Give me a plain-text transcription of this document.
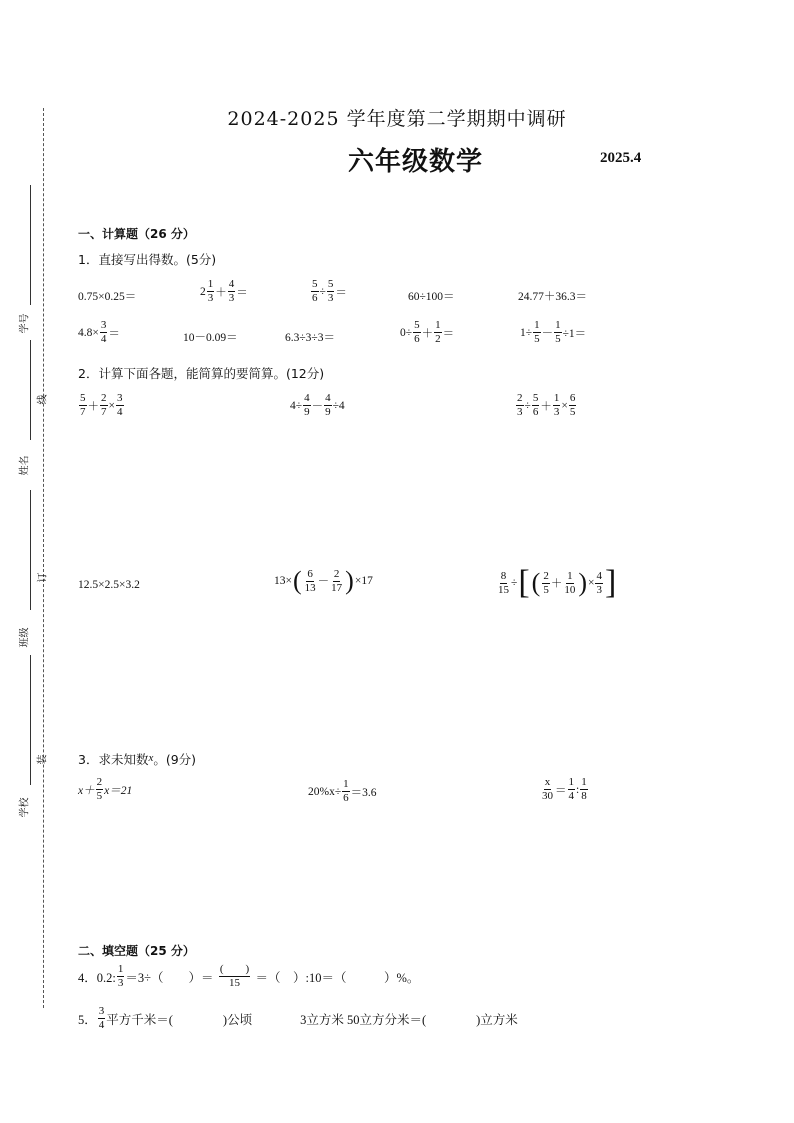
学号
姓名
班级
学校
线
订
装
2024-2025 学年度第二学期期中调研
六年级数学	2025.4
一、计算题（26 分）
1．直接写出得数。(5分)
0.75×0.25＝	$2 \frac{1}{3} + \frac{4}{3}$ ＝	$\frac{5}{6} \div \frac{5}{3}$ ＝	60÷100＝	24.77＋36.3＝
$4.8\times \frac{3}{4}$ ＝	10－0.09＝	6.3÷3÷3＝	$0\div \frac{5}{6} + \frac{1}{2}$ ＝	$1\div \frac{1}{5} - \frac{1}{5} \div 1=$
2．计算下面各题，能简算的要简算。(12分)
$\frac{5}{7} + \frac{2}{7} \times \frac{3}{4}$	$4\div \frac{4}{9} - \frac{4}{9} \div 4$	$\frac{2}{3} \div \frac{5}{6} + \frac{1}{3} \times \frac{6}{5}$
12.5×2.5×3.2	13× ( $\frac{6}{13} - \frac{2}{17}$ ) ×17	$\frac{8}{15}$ ÷ [ ( $\frac{2}{5} + \frac{1}{10}$ ) × $\frac{4}{3}$ ]
3．求未知数x。(9分)
$x+ \frac{2}{5} x=21$	$20\%x\div \frac{1}{6} =3.6$	$\frac{x}{30} = \frac{1}{4}$ : $\frac{1}{8}$
二、填空题（25 分）
4．0.2: $\frac{1}{3} =3\div$（　　）＝ $\frac{( )}{15}$ ＝（　）:10＝（　　　）%。
5． $\frac{3}{4}$ 平方千米＝(　　　　)公顷	3立方米 50立方分米＝(　　　　)立方米
